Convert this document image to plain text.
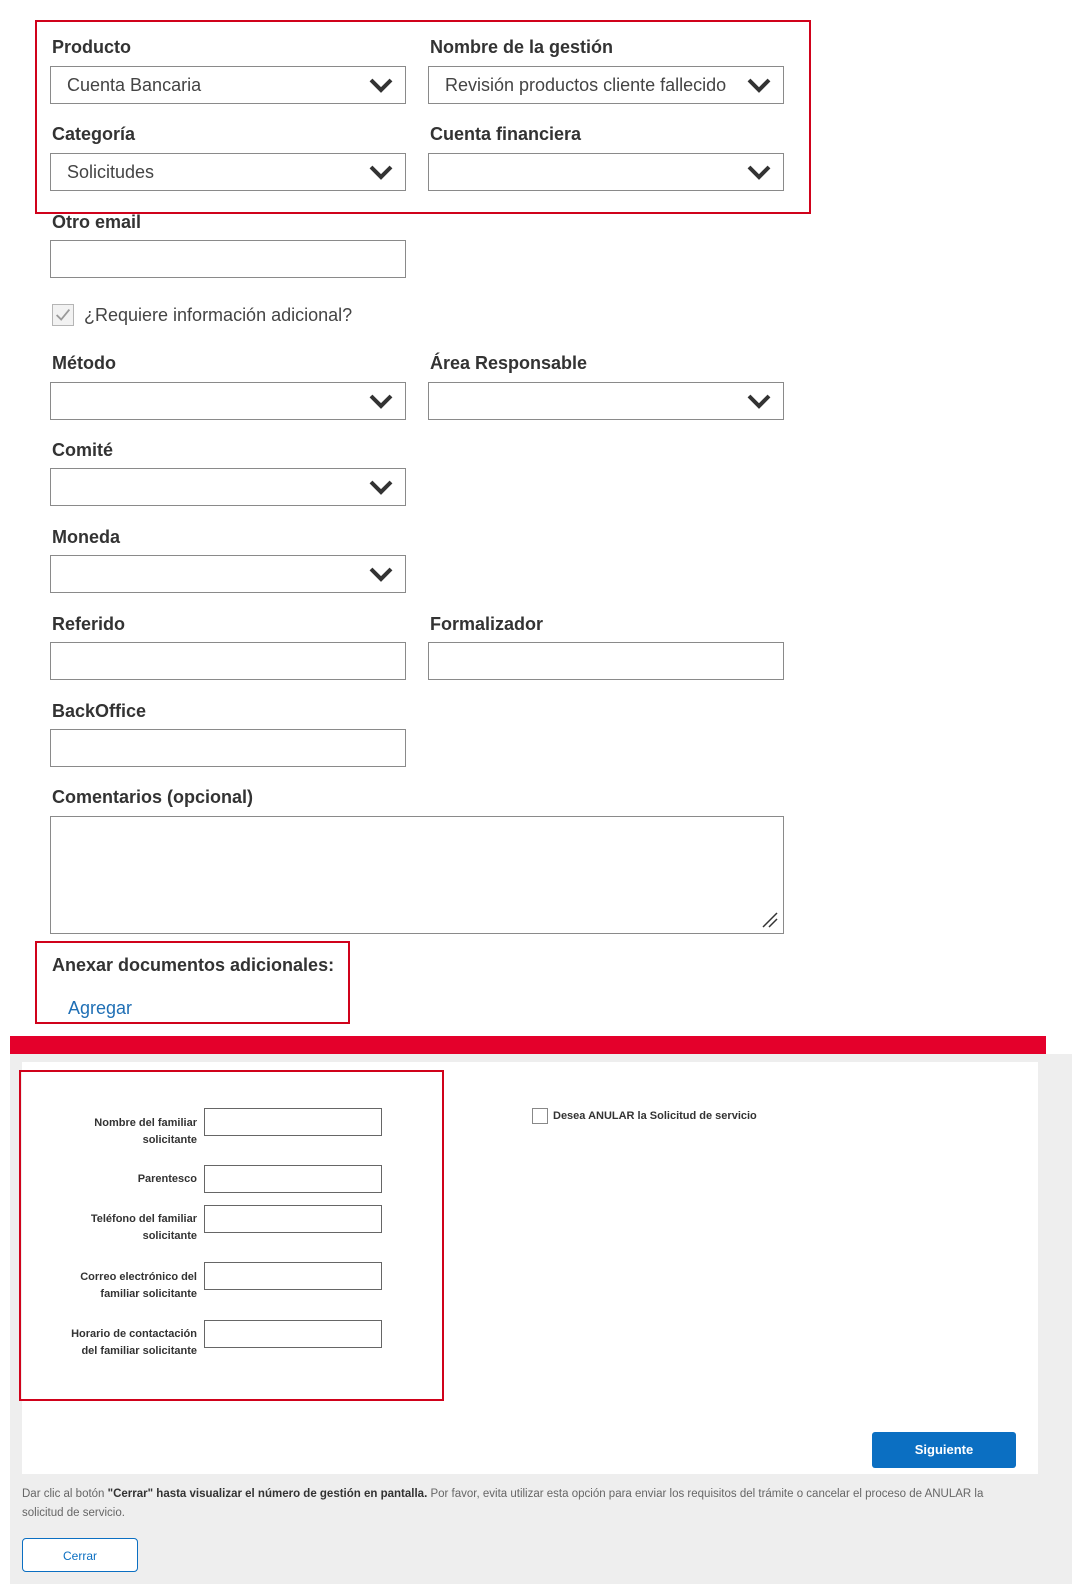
Producto
Cuenta Bancaria
Nombre de la gestión
Revisión productos cliente fallecido
Categoría
Solicitudes
Cuenta financiera
Otro email
¿Requiere información adicional?
Método	Área Responsable
Comité
Moneda
Referido	Formalizador
BackOffice
Comentarios (opcional)
Anexar documentos adicionales:
Agregar
Nombre del familiar solicitante
Parentesco
Teléfono del familiar solicitante
Correo electrónico del familiar solicitante
Horario de contactación del familiar solicitante
Desea ANULAR la Solicitud de servicio
Siguiente
Dar clic al botón "Cerrar" hasta visualizar el número de gestión en pantalla. Por favor, evita utilizar esta opción para enviar los requisitos del trámite o cancelar el proceso de ANULAR la solicitud de servicio.
Cerrar
